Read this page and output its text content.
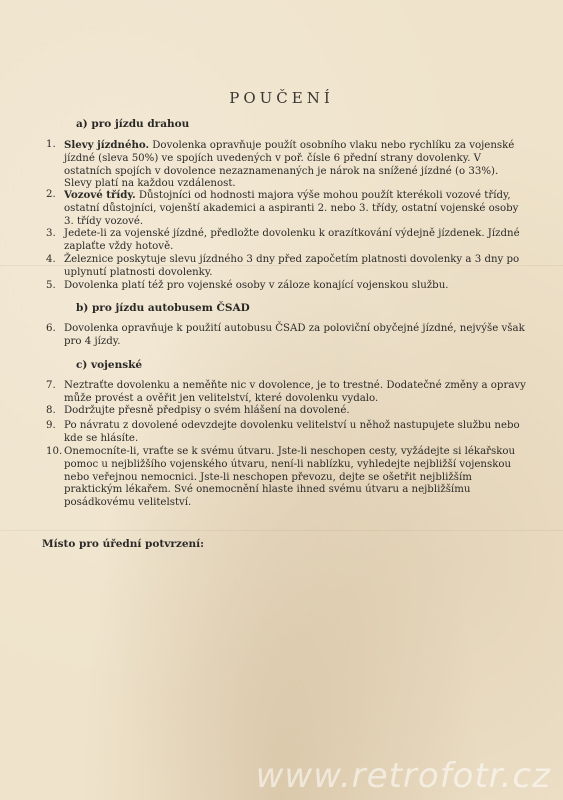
POUČENÍ
a) pro jízdu drahou
1. Slevy jízdného. Dovolenka opravňuje použít osobního vlaku nebo rychlíku za vojenské jízdné (sleva 50%) ve spojích uvedených v poř. čísle 6 přední strany dovolenky. V ostatních spojích v dovolence nezaznamenaných je nárok na snížené jízdné (o 33%). Slevy platí na každou vzdálenost.
2. Vozové třídy. Důstojníci od hodnosti majora výše mohou použít kterékoli vozové třídy, ostatní důstojníci, vojenští akademici a aspiranti 2. nebo 3. třídy, ostatní vojenské osoby 3. třídy vozové.
3. Jedete-li za vojenské jízdné, předložte dovolenku k orazítkování výdejně jízdenek. Jízdné zaplaťte vždy hotově.
4. Železnice poskytuje slevu jízdného 3 dny před započetím platnosti dovolenky a 3 dny po uplynutí platnosti dovolenky.
5. Dovolenka platí též pro vojenské osoby v záloze konající vojenskou službu.
b) pro jízdu autobusem ČSAD
6. Dovolenka opravňuje k použití autobusu ČSAD za poloviční obyčejné jízdné, nejvýše však pro 4 jízdy.
c) vojenské
7. Neztraťte dovolenku a neměňte nic v dovolence, je to trestné. Dodatečné změny a opravy může provést a ověřit jen velitelství, které dovolenku vydalo.
8. Dodržujte přesně předpisy o svém hlášení na dovolené.
9. Po návratu z dovolené odevzdejte dovolenku velitelství u něhož nastupujete službu nebo kde se hlásíte.
10. Onemocníte-li, vraťte se k svému útvaru. Jste-li neschopen cesty, vyžádejte si lékařskou pomoc u nejbližšího vojenského útvaru, není-li nablízku, vyhledejte nejbližší vojenskou nebo veřejnou nemocnici. Jste-li neschopen převozu, dejte se ošetřit nejbližším praktickým lékařem. Své onemocnění hlaste ihned svému útvaru a nejbližšímu posádkovému velitelství.
Místo pro úřední potvrzení:
www.retrofotr.cz
